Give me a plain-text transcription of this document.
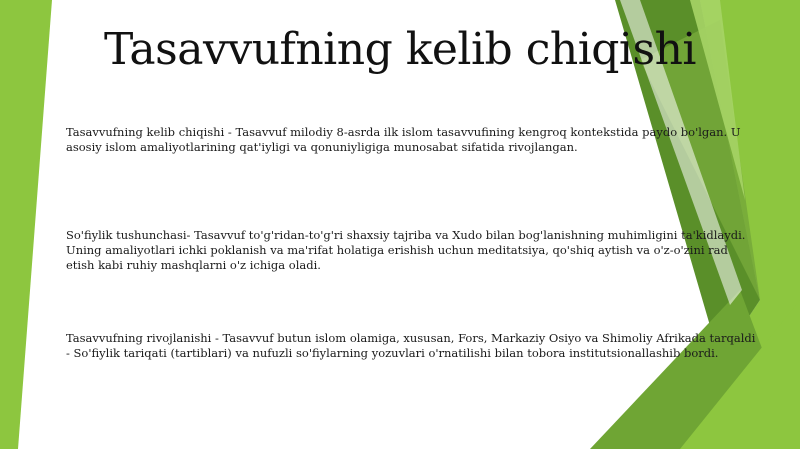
Tasavvufning kelib chiqishi

Tasavvufning kelib chiqishi - Tasavvuf milodiy 8-asrda ilk islom tasavvufining kengroq kontekstida paydo bo'lgan. U asosiy islom amaliyotlarining qat'iyligi va qonuniyligiga munosabat sifatida rivojlangan.

So'fiylik tushunchasi- Tasavvuf to'g'ridan-to'g'ri shaxsiy tajriba va Xudo bilan bog'lanishning muhimligini ta'kidlaydi. Uning amaliyotlari ichki poklanish va ma'rifat holatiga erishish uchun meditatsiya, qo'shiq aytish va o'z-o'zini rad etish kabi ruhiy mashqlarni o'z ichiga oladi.

Tasavvufning rivojlanishi - Tasavvuf butun islom olamiga, xususan, Fors, Markaziy Osiyo va Shimoliy Afrikada tarqaldi - So'fiylik tariqati (tartiblari) va nufuzli so'fiylarning yozuvlari o'rnatilishi bilan tobora institutsionallashib bordi.
